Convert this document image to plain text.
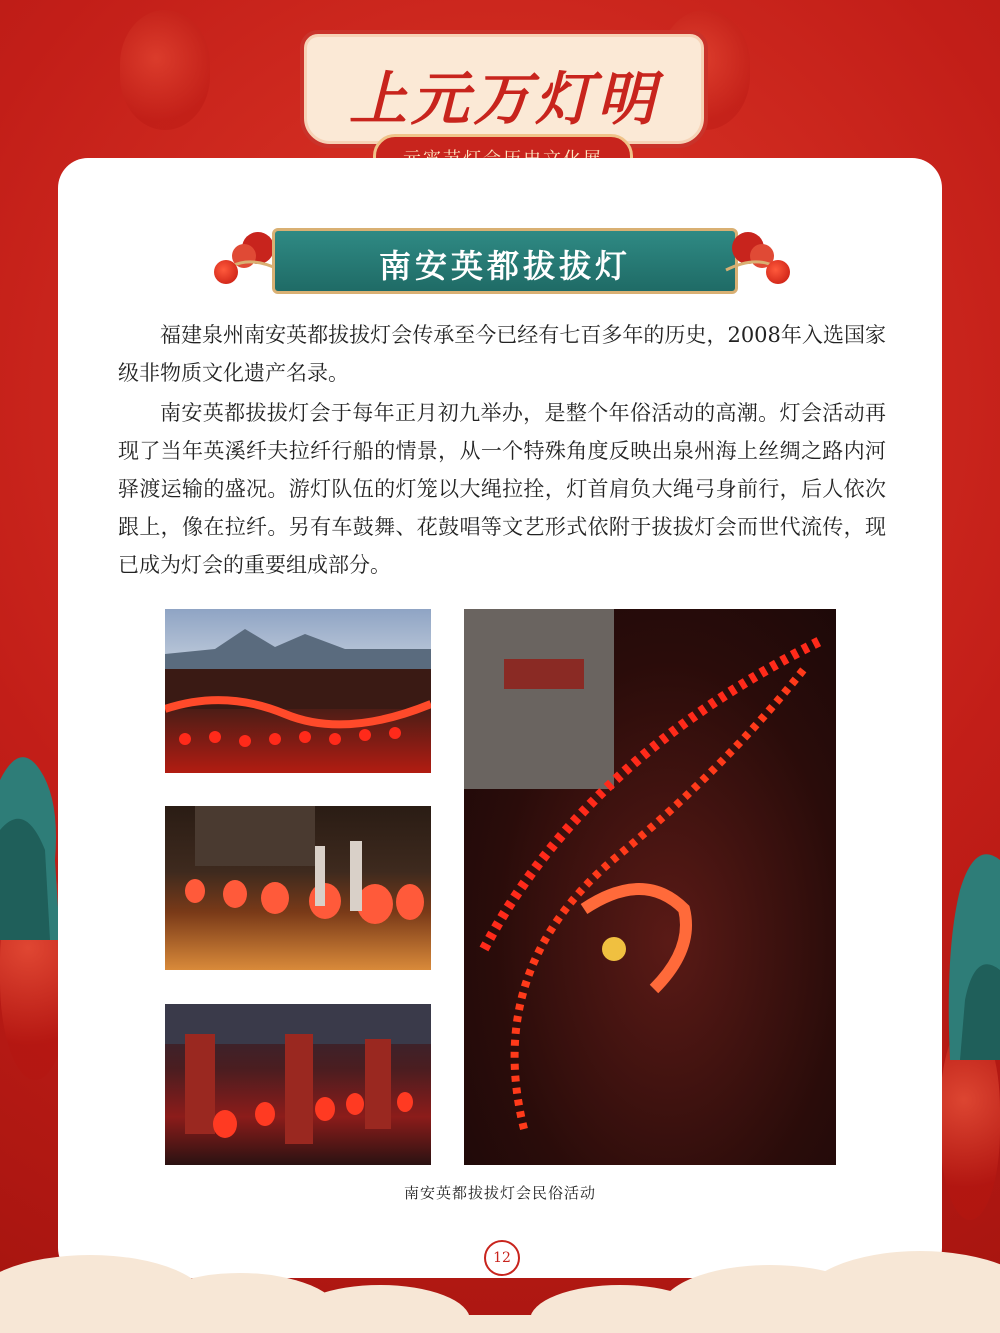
上元万灯明
南安英都拔拔灯

福建泉州南安英都拔拔灯会传承至今已经有七百多年的历史，2008年入选国家级非物质文化遗产名录。

南安英都拔拔灯会于每年正月初九举办，是整个年俗活动的高潮。灯会活动再现了当年英溪纤夫拉纤行船的情景，从一个特殊角度反映出泉州海上丝绸之路内河驿渡运输的盛况。游灯队伍的灯笼以大绳拉拴，灯首肩负大绳弓身前行，后人依次跟上，像在拉纤。另有车鼓舞、花鼓唱等文艺形式依附于拔拔灯会而世代流传，现已成为灯会的重要组成部分。

南安英都拔拔灯会民俗活动
12
